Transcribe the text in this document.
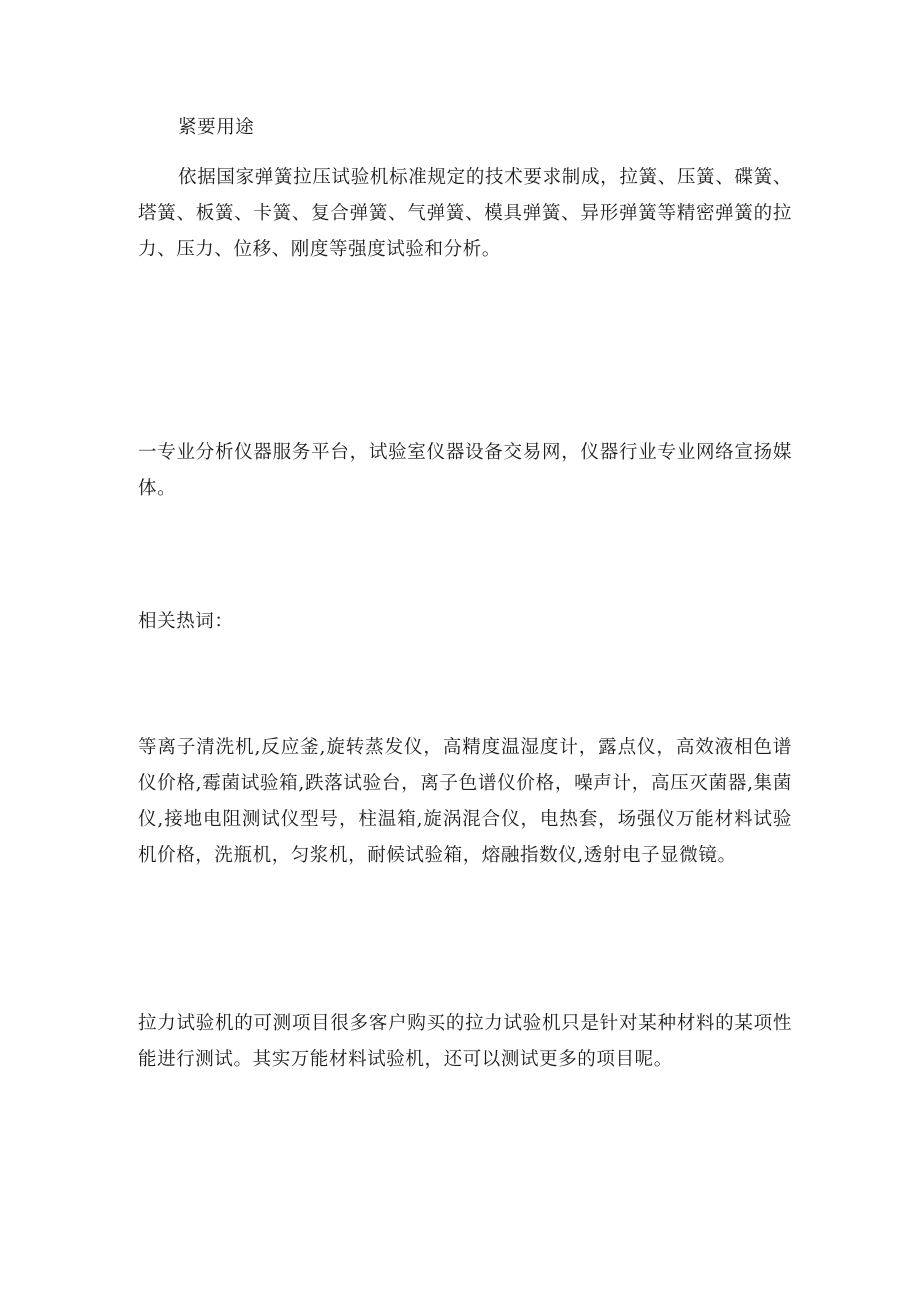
紧要用途

依据国家弹簧拉压试验机标准规定的技术要求制成，拉簧、压簧、碟簧、塔簧、板簧、卡簧、复合弹簧、气弹簧、模具弹簧、异形弹簧等精密弹簧的拉力、压力、位移、刚度等强度试验和分析。

一专业分析仪器服务平台，试验室仪器设备交易网，仪器行业专业网络宣扬媒体。

相关热词：

等离子清洗机,反应釜,旋转蒸发仪，高精度温湿度计，露点仪，高效液相色谱仪价格,霉菌试验箱,跌落试验台，离子色谱仪价格，噪声计，高压灭菌器,集菌仪,接地电阻测试仪型号，柱温箱,旋涡混合仪，电热套，场强仪万能材料试验机价格，洗瓶机，匀浆机，耐候试验箱，熔融指数仪,透射电子显微镜。

拉力试验机的可测项目很多客户购买的拉力试验机只是针对某种材料的某项性能进行测试。其实万能材料试验机，还可以测试更多的项目呢。
